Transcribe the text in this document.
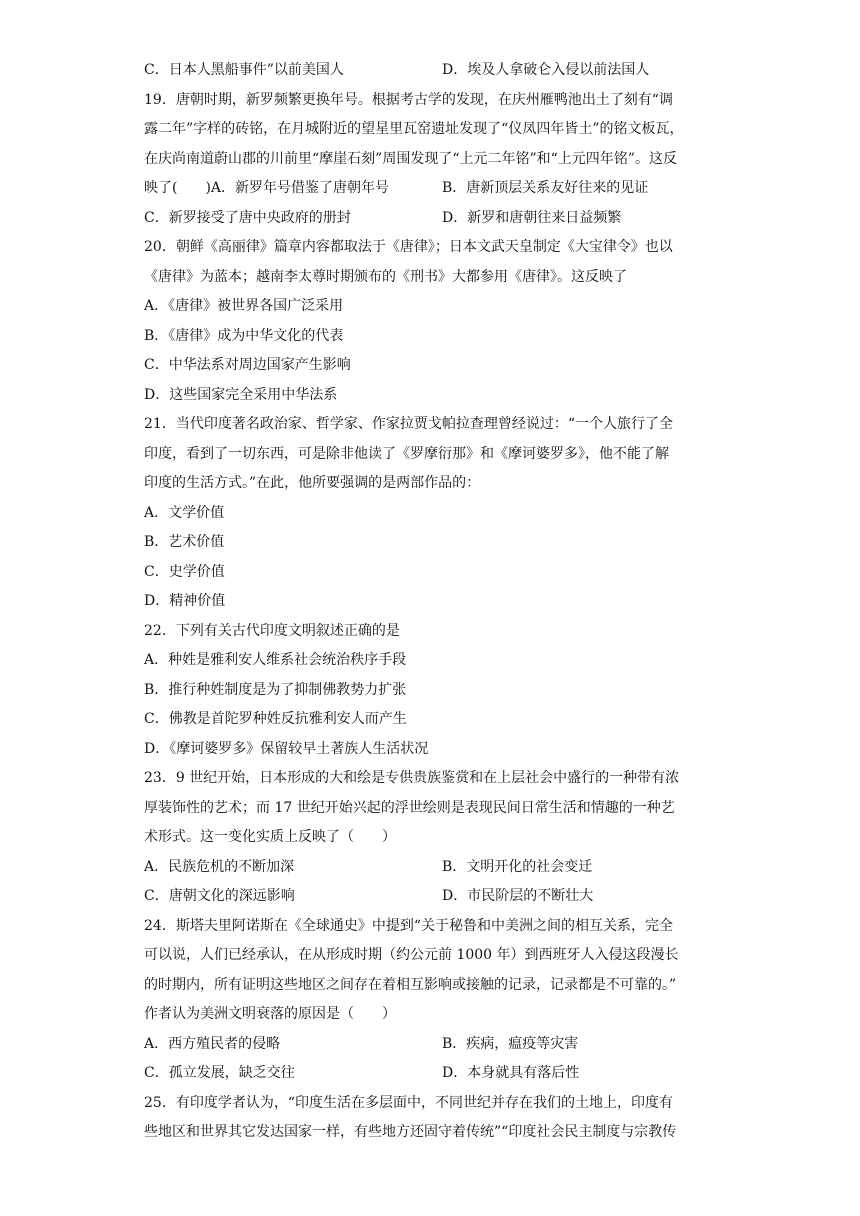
C．日本人黑船事件”以前美国人	D．埃及人拿破仑入侵以前法国人
19．唐朝时期，新罗频繁更换年号。根据考古学的发现，在庆州雁鸭池出土了刻有“调
露二年”字样的砖铭，在月城附近的望星里瓦窑遗址发现了“仪凤四年皆土”的铭文板瓦，
在庆尚南道蔚山郡的川前里“摩崖石刻”周围发现了“上元二年铭”和“上元四年铭”。这反
映了(　　)A．新罗年号借鉴了唐朝年号	B．唐新顶层关系友好往来的见证
C．新罗接受了唐中央政府的册封	D．新罗和唐朝往来日益频繁
20．朝鲜《高丽律》篇章内容都取法于《唐律》；日本文武天皇制定《大宝律令》也以
《唐律》为蓝本；越南李太尊时期颁布的《刑书》大都参用《唐律》。这反映了
A．《唐律》被世界各国广泛采用
B．《唐律》成为中华文化的代表
C．中华法系对周边国家产生影响
D．这些国家完全采用中华法系
21．当代印度著名政治家、哲学家、作家拉贾戈帕拉查理曾经说过：“一个人旅行了全
印度，看到了一切东西，可是除非他读了《罗摩衍那》和《摩诃婆罗多》，他不能了解
印度的生活方式。”在此，他所要强调的是两部作品的：
A．文学价值
B．艺术价值
C．史学价值
D．精神价值
22．下列有关古代印度文明叙述正确的是
A．种姓是雅利安人维系社会统治秩序手段
B．推行种姓制度是为了抑制佛教势力扩张
C．佛教是首陀罗种姓反抗雅利安人而产生
D．《摩诃婆罗多》保留较早土著族人生活状况
23．9 世纪开始，日本形成的大和绘是专供贵族鉴赏和在上层社会中盛行的一种带有浓
厚装饰性的艺术；而 17 世纪开始兴起的浮世绘则是表现民间日常生活和情趣的一种艺
术形式。这一变化实质上反映了（　　）
A．民族危机的不断加深	B．文明开化的社会变迁
C．唐朝文化的深远影响	D．市民阶层的不断壮大
24．斯塔夫里阿诺斯在《全球通史》中提到“关于秘鲁和中美洲之间的相互关系，完全
可以说，人们已经承认，在从形成时期（约公元前 1000 年）到西班牙人入侵这段漫长
的时期内，所有证明这些地区之间存在着相互影响或接触的记录，记录都是不可靠的。”
作者认为美洲文明衰落的原因是（　　）
A．西方殖民者的侵略	B．疾病，瘟疫等灾害
C．孤立发展，缺乏交往	D．本身就具有落后性
25．有印度学者认为，“印度生活在多层面中，不同世纪并存在我们的土地上，印度有
些地区和世界其它发达国家一样，有些地方还固守着传统”“印度社会民主制度与宗教传
